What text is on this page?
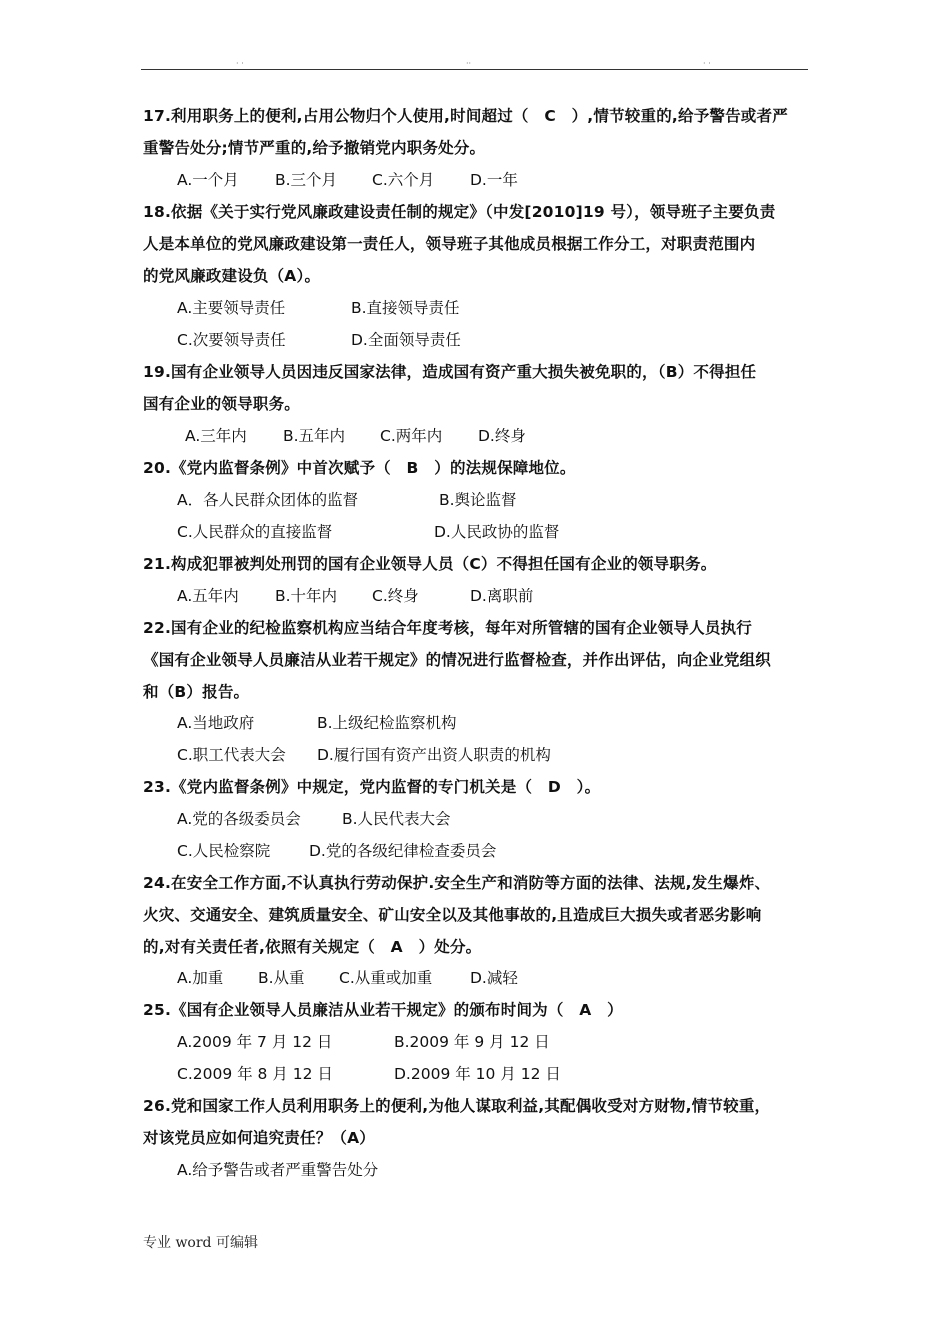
· ·	··	· ·

17.利用职务上的便利,占用公物归个人使用,时间超过（　C　）,情节较重的,给予警告或者严

重警告处分;情节严重的,给予撤销党内职务处分。

A.一个月 B.三个月 C.六个月 D.一年

18.依据《关于实行党风廉政建设责任制的规定》（中发[2010]19 号），领导班子主要负责

人是本单位的党风廉政建设第一责任人，领导班子其他成员根据工作分工，对职责范围内

的党风廉政建设负（A）。

A.主要领导责任	B.直接领导责任
C.次要领导责任	D.全面领导责任

19.国有企业领导人员因违反国家法律，造成国有资产重大损失被免职的，（B）不得担任

国有企业的领导职务。

A.三年内 B.五年内 C.两年内 D.终身

20.《党内监督条例》中首次赋予（　B　）的法规保障地位。

A．各人民群众团体的监督	B.舆论监督
C.人民群众的直接监督	D.人民政协的监督

21.构成犯罪被判处刑罚的国有企业领导人员（C）不得担任国有企业的领导职务。

A.五年内 B.十年内 C.终身	D.离职前

22.国有企业的纪检监察机构应当结合年度考核，每年对所管辖的国有企业领导人员执行

《国有企业领导人员廉洁从业若干规定》的情况进行监督检查，并作出评估，向企业党组织

和（B）报告。

A.当地政府	B.上级纪检监察机构
C.职工代表大会 D.履行国有资产出资人职责的机构

23.《党内监督条例》中规定，党内监督的专门机关是（　D　）。

A.党的各级委员会	B.人民代表大会
C.人民检察院 D.党的各级纪律检查委员会

24.在安全工作方面,不认真执行劳动保护.安全生产和消防等方面的法律、法规,发生爆炸、

火灾、交通安全、建筑质量安全、矿山安全以及其他事故的,且造成巨大损失或者恶劣影响

的,对有关责任者,依照有关规定（　A　）处分。

A.加重 B.从重 C.从重或加重 D.减轻

25.《国有企业领导人员廉洁从业若干规定》的颁布时间为（　A　）

A.2009 年 7 月 12 日	B.2009 年 9 月 12 日
C.2009 年 8 月 12 日	D.2009 年 10 月 12 日

26.党和国家工作人员利用职务上的便利,为他人谋取利益,其配偶收受对方财物,情节较重，

对该党员应如何追究责任？（A）

A.给予警告或者严重警告处分
专业 word 可编辑
